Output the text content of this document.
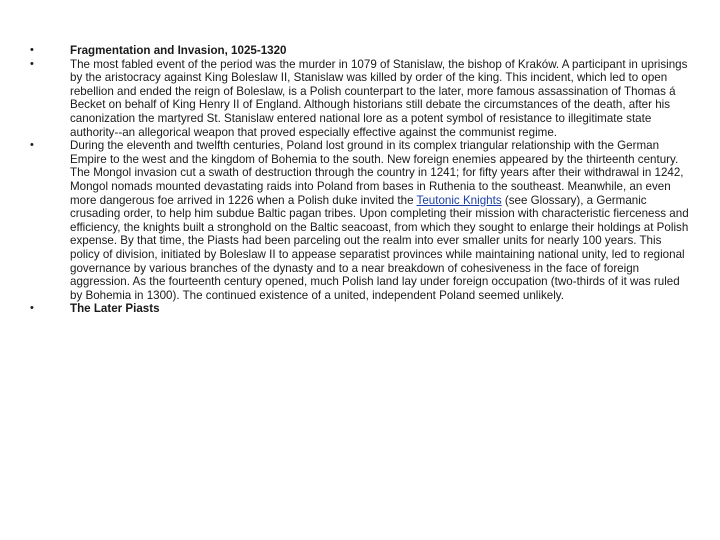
•	Fragmentation and Invasion, 1025-1320
•	The most fabled event of the period was the murder in 1079 of Stanislaw, the bishop of Kraków. A participant in uprisings by the aristocracy against King Boleslaw II, Stanislaw was killed by order of the king. This incident, which led to open rebellion and ended the reign of Boleslaw, is a Polish counterpart to the later, more famous assassination of Thomas á Becket on behalf of King Henry II of England. Although historians still debate the circumstances of the death, after his canonization the martyred St. Stanislaw entered national lore as a potent symbol of resistance to illegitimate state authority--an allegorical weapon that proved especially effective against the communist regime.
•	During the eleventh and twelfth centuries, Poland lost ground in its complex triangular relationship with the German Empire to the west and the kingdom of Bohemia to the south. New foreign enemies appeared by the thirteenth century. The Mongol invasion cut a swath of destruction through the country in 1241; for fifty years after their withdrawal in 1242, Mongol nomads mounted devastating raids into Poland from bases in Ruthenia to the southeast. Meanwhile, an even more dangerous foe arrived in 1226 when a Polish duke invited the Teutonic Knights (see Glossary), a Germanic crusading order, to help him subdue Baltic pagan tribes. Upon completing their mission with characteristic fierceness and efficiency, the knights built a stronghold on the Baltic seacoast, from which they sought to enlarge their holdings at Polish expense. By that time, the Piasts had been parceling out the realm into ever smaller units for nearly 100 years. This policy of division, initiated by Boleslaw II to appease separatist provinces while maintaining national unity, led to regional governance by various branches of the dynasty and to a near breakdown of cohesiveness in the face of foreign aggression. As the fourteenth century opened, much Polish land lay under foreign occupation (two-thirds of it was ruled by Bohemia in 1300). The continued existence of a united, independent Poland seemed unlikely.
•	The Later Piasts
